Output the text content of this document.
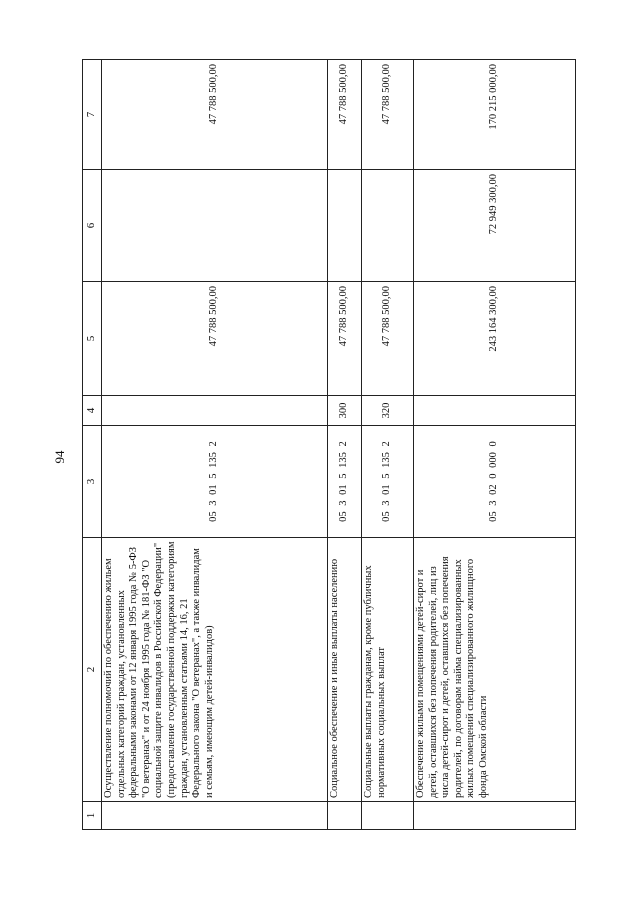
94
1	2	3	4	5	6	7
	Осуществление полномочий по обеспечению жильем отдельных категорий граждан, установленных федеральными законами от 12 января 1995 года № 5-ФЗ "О ветеранах" и от 24 ноября 1995 года № 181-ФЗ "О социальной защите инвалидов в Российской Федерации" (предоставление государственной поддержки категориям граждан, установленным статьями 14, 16, 21 Федерального закона "О ветеранах", а также инвалидам и семьям, имеющим детей-инвалидов)	05 3 01 5 135 2		47 788 500,00		47 788 500,00
	Социальное обеспечение и иные выплаты населению	05 3 01 5 135 2	300	47 788 500,00		47 788 500,00
	Социальные выплаты гражданам, кроме публичных нормативных социальных выплат	05 3 01 5 135 2	320	47 788 500,00		47 788 500,00
	Обеспечение жилыми помещениями детей-сирот и детей, оставшихся без попечения родителей, лиц из числа детей-сирот и детей, оставшихся без попечения родителей, по договорам найма специализированных жилых помещений специализированного жилищного фонда Омской области	05 3 02 0 000 0		243 164 300,00	72 949 300,00	170 215 000,00
